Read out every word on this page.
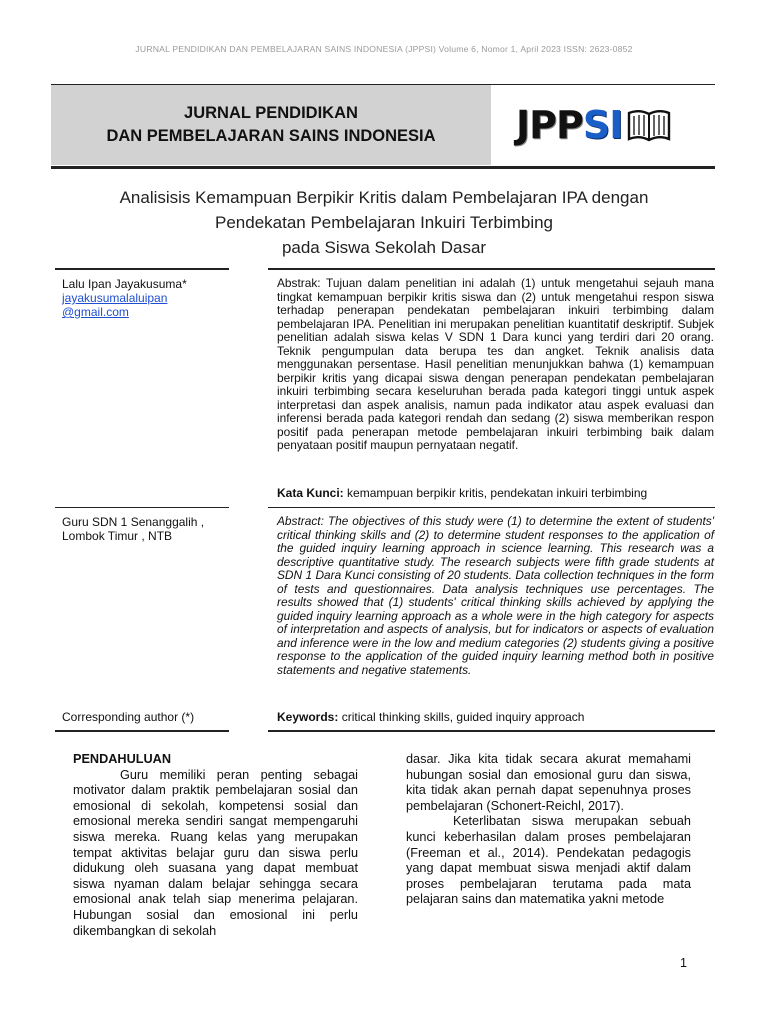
JURNAL PENDIDIKAN DAN PEMBELAJARAN SAINS INDONESIA (JPPSI) Volume 6, Nomor 1, April 2023 ISSN: 2623-0852
JURNAL PENDIDIKAN
DAN PEMBELAJARAN SAINS INDONESIA JPPSI
Analisisis Kemampuan Berpikir Kritis dalam Pembelajaran IPA dengan
Pendekatan Pembelajaran Inkuiri Terbimbing
pada Siswa Sekolah Dasar
Lalu Ipan Jayakusuma*
jayakusumalaluipan
@gmail.com
Abstrak: Tujuan dalam penelitian ini adalah (1) untuk mengetahui sejauh mana tingkat kemampuan berpikir kritis siswa dan (2) untuk mengetahui respon siswa terhadap penerapan pendekatan pembelajaran inkuiri terbimbing dalam pembelajaran IPA. Penelitian ini merupakan penelitian kuantitatif deskriptif. Subjek penelitian adalah siswa kelas V SDN 1 Dara kunci yang terdiri dari 20 orang. Teknik pengumpulan data berupa tes dan angket. Teknik analisis data menggunakan persentase. Hasil penelitian menunjukkan bahwa (1) kemampuan berpikir kritis yang dicapai siswa dengan penerapan pendekatan pembelajaran inkuiri terbimbing secara keseluruhan berada pada kategori tinggi untuk aspek interpretasi dan aspek analisis, namun pada indikator atau aspek evaluasi dan inferensi berada pada kategori rendah dan sedang (2) siswa memberikan respon positif pada penerapan metode pembelajaran inkuiri terbimbing baik dalam penyataan positif maupun pernyataan negatif.
Kata Kunci: kemampuan berpikir kritis, pendekatan inkuiri terbimbing
Guru SDN 1 Senanggalih ,
Lombok Timur , NTB
Abstract: The objectives of this study were (1) to determine the extent of students' critical thinking skills and (2) to determine student responses to the application of the guided inquiry learning approach in science learning. This research was a descriptive quantitative study. The research subjects were fifth grade students at SDN 1 Dara Kunci consisting of 20 students. Data collection techniques in the form of tests and questionnaires. Data analysis techniques use percentages. The results showed that (1) students' critical thinking skills achieved by applying the guided inquiry learning approach as a whole were in the high category for aspects of interpretation and aspects of analysis, but for indicators or aspects of evaluation and inference were in the low and medium categories (2) students giving a positive response to the application of the guided inquiry learning method both in positive statements and negative statements.
Corresponding author (*)	Keywords: critical thinking skills, guided inquiry approach

PENDAHULUAN

Guru memiliki peran penting sebagai motivator dalam praktik pembelajaran sosial dan emosional di sekolah, kompetensi sosial dan emosional mereka sendiri sangat mempengaruhi siswa mereka. Ruang kelas yang merupakan tempat aktivitas belajar guru dan siswa perlu didukung oleh suasana yang dapat membuat siswa nyaman dalam belajar sehingga secara emosional anak telah siap menerima pelajaran. Hubungan sosial dan emosional ini perlu dikembangkan di sekolah

dasar. Jika kita tidak secara akurat memahami hubungan sosial dan emosional guru dan siswa, kita tidak akan pernah dapat sepenuhnya proses pembelajaran (Schonert-Reichl, 2017).

Keterlibatan siswa merupakan sebuah kunci keberhasilan dalam proses pembelajaran (Freeman et al., 2014). Pendekatan pedagogis yang dapat membuat siswa menjadi aktif dalam proses pembelajaran terutama pada mata pelajaran sains dan matematika yakni metode

1
